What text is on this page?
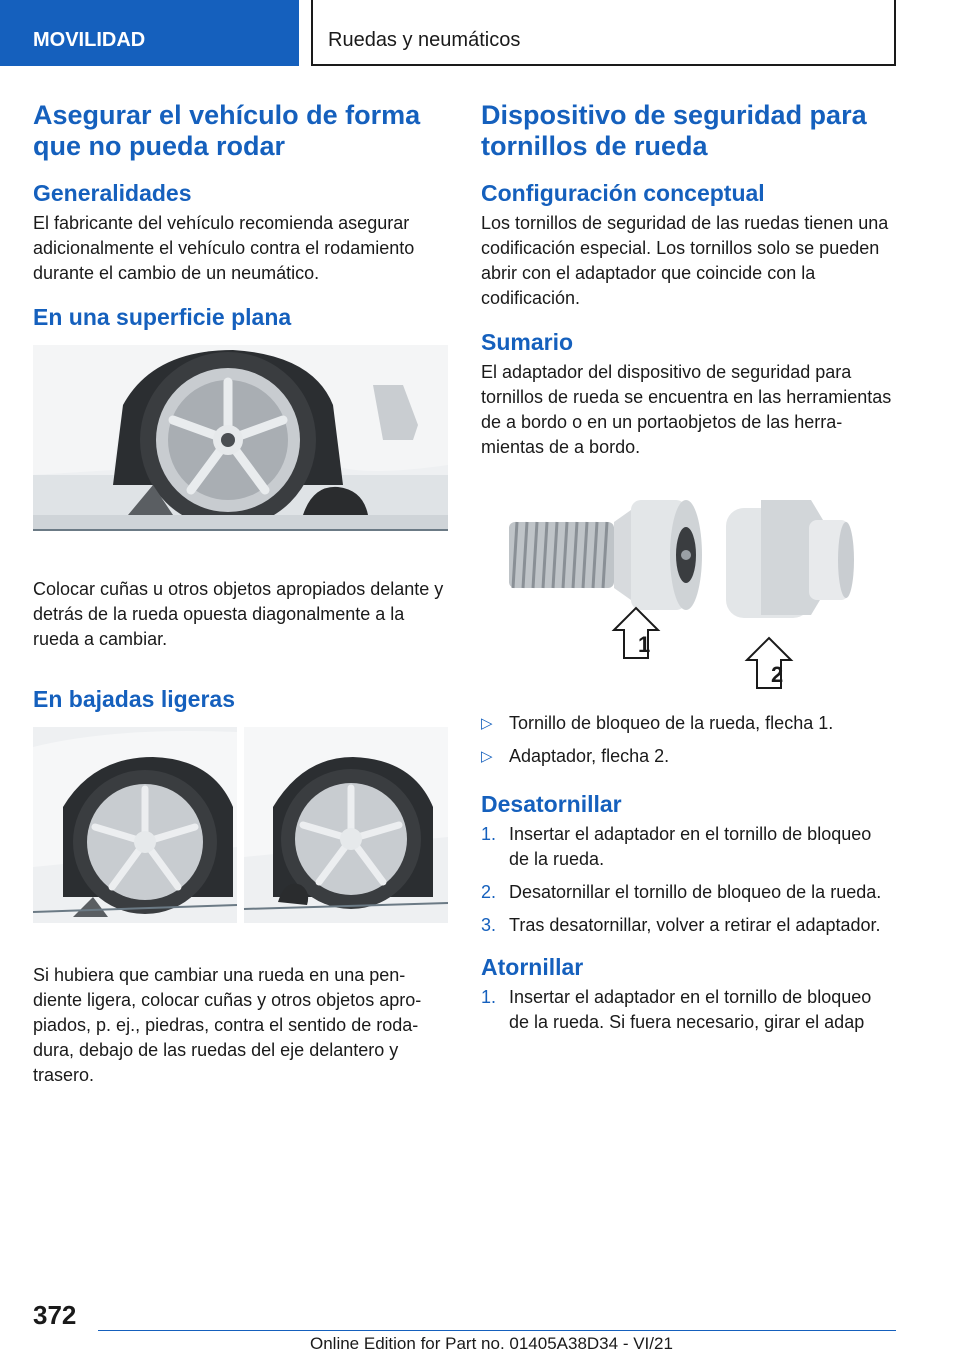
MOVILIDAD	Ruedas y neumáticos
Asegurar el vehículo de forma que no pueda rodar
Generalidades

El fabricante del vehículo recomienda asegurar adicionalmente el vehículo contra el rodamiento durante el cambio de un neumático.

En una superficie plana

Colocar cuñas u otros objetos apropiados delante y detrás de la rueda opuesta diagonalmente a la rueda a cambiar.

En bajadas ligeras

Si hubiera que cambiar una rueda en una pendiente ligera, colocar cuñas y otros objetos apropiados, p. ej., piedras, contra el sentido de rodadura, debajo de las ruedas del eje delantero y trasero.

Dispositivo de seguridad para tornillos de rueda
Configuración conceptual

Los tornillos de seguridad de las ruedas tienen una codificación especial. Los tornillos solo se pueden abrir con el adaptador que coincide con la codificación.

Sumario

El adaptador del dispositivo de seguridad para tornillos de rueda se encuentra en las herramientas de a bordo o en un portaobjetos de las herramientas de a bordo.

1
2
▷ Tornillo de bloqueo de la rueda, flecha 1.
▷ Adaptador, flecha 2.
Desatornillar
1. Insertar el adaptador en el tornillo de bloqueo de la rueda.
2. Desatornillar el tornillo de bloqueo de la rueda.
3. Tras desatornillar, volver a retirar el adaptador.
Atornillar
1. Insertar el adaptador en el tornillo de bloqueo de la rueda. Si fuera necesario, girar el adap
372
Online Edition for Part no. 01405A38D34 - VI/21
